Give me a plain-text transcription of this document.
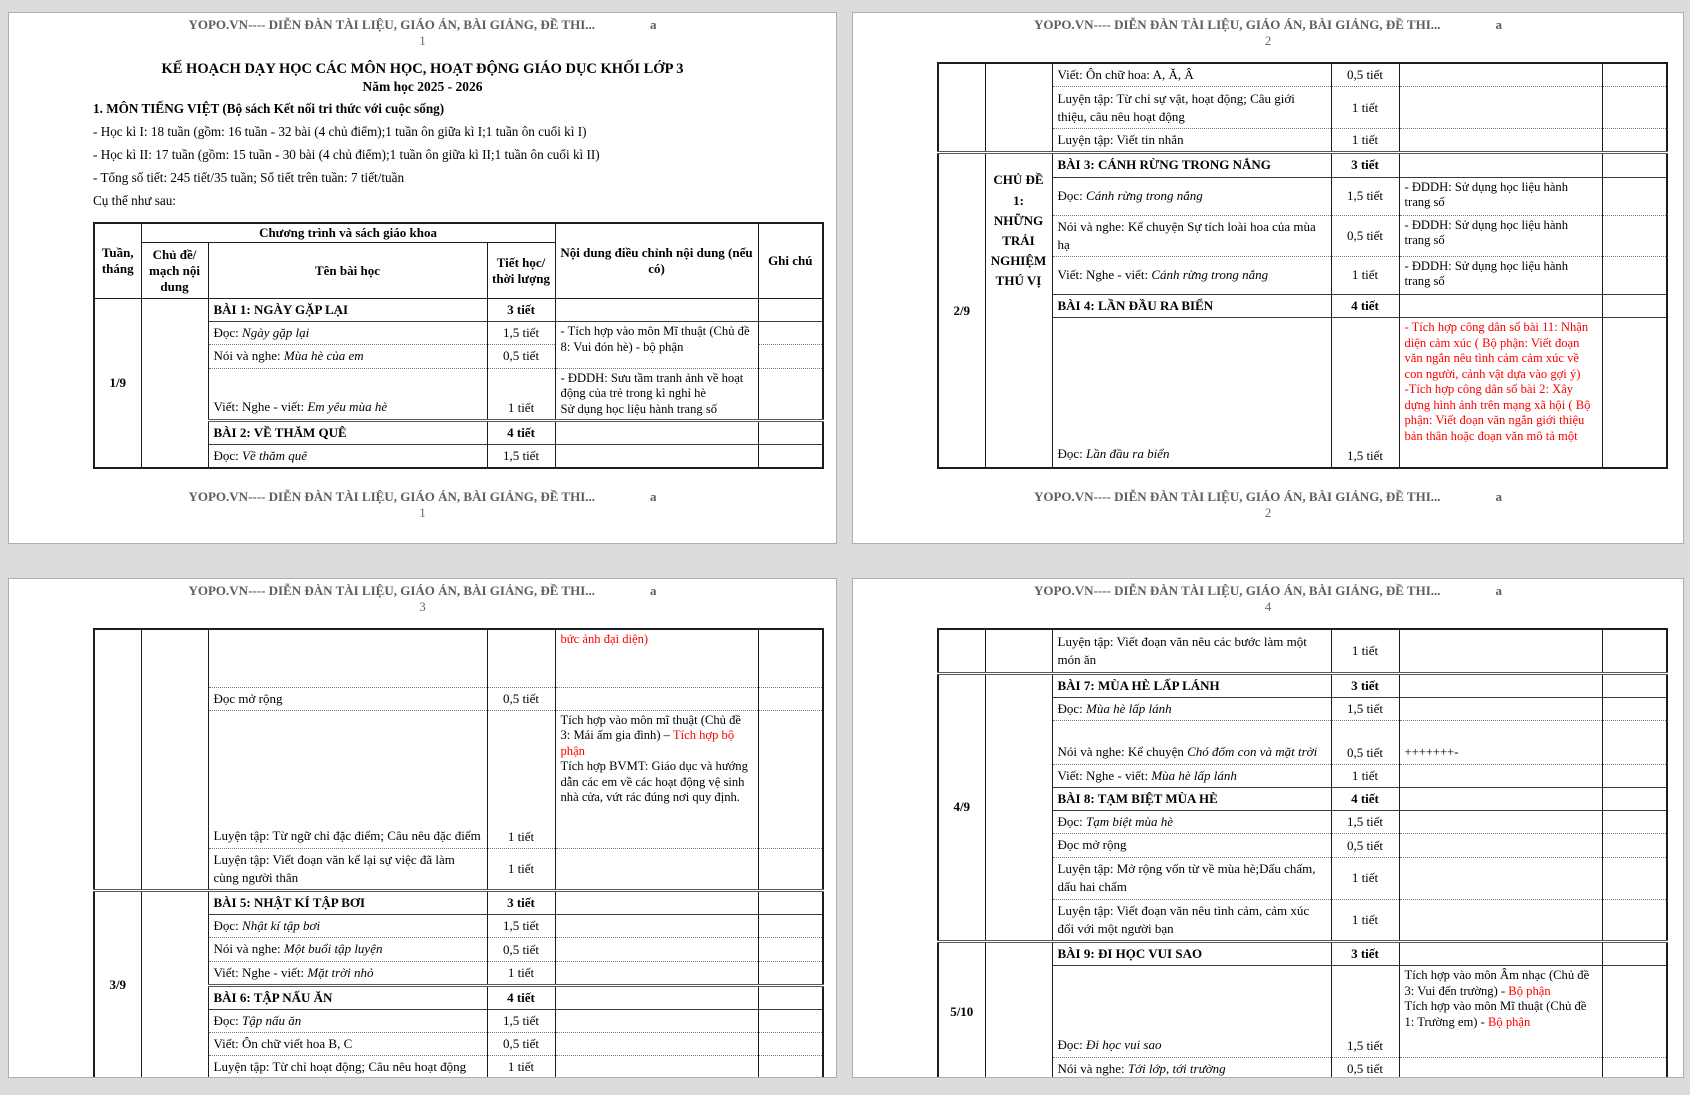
YOPO.VN---- DIỄN ĐÀN TÀI LIỆU, GIÁO ÁN, BÀI GIẢNG, ĐỀ THI...	a
1
KẾ HOẠCH DẠY HỌC CÁC MÔN HỌC, HOẠT ĐỘNG GIÁO DỤC KHỐI LỚP 3
Năm học 2025 - 2026
1. MÔN TIẾNG VIỆT (Bộ sách Kết nối tri thức với cuộc sống)
- Học kì I: 18 tuần (gồm: 16 tuần - 32 bài (4 chủ điểm);1 tuần ôn giữa kì I;1 tuần ôn cuối kì I)
- Học kì II: 17 tuần (gồm: 15 tuần - 30 bài (4 chủ điểm);1 tuần ôn giữa kì II;1 tuần ôn cuối kì II)
- Tổng số tiết: 245 tiết/35 tuần; Số tiết trên tuần: 7 tiết/tuần
Cụ thể như sau:
Tuần, tháng	Chương trình và sách giáo khoa			Nội dung điều chỉnh nội dung (nếu có)	Ghi chú
	Chủ đề/ mạch nội dung	Tên bài học	Tiết học/ thời lượng		
1/9		BÀI 1: NGÀY GẶP LẠI	3 tiết		
		Đọc: Ngày gặp lại	1,5 tiết	- Tích hợp vào môn Mĩ thuật (Chủ đề 8: Vui đón hè) - bộ phận	

		Nói và nghe: Mùa hè của em	0,5 tiết		
		Viết: Nghe - viết: Em yêu mùa hè	1 tiết	- ĐDDH: Sưu tầm tranh ảnh về hoạt động của trẻ trong kì nghỉ hè
Sử dụng học liệu hành trang số	

		BÀI 2: VỀ THĂM QUÊ	4 tiết		
		Đọc: Về thăm quê	1,5 tiết		
YOPO.VN---- DIỄN ĐÀN TÀI LIỆU, GIÁO ÁN, BÀI GIẢNG, ĐỀ THI...	a
1
YOPO.VN---- DIỄN ĐÀN TÀI LIỆU, GIÁO ÁN, BÀI GIẢNG, ĐỀ THI...	a
2
		Viết: Ôn chữ hoa: A, Ă, Â	0,5 tiết		
		Luyện tập: Từ chỉ sự vật, hoạt động; Câu giới thiệu, câu nêu hoạt động	1 tiết		
		Luyện tập: Viết tin nhắn	1 tiết		
2/9	CHỦ ĐỀ 1: NHỮNG TRẢI NGHIỆM THÚ VỊ	BÀI 3: CÁNH RỪNG TRONG NẮNG	3 tiết		
		Đọc: Cánh rừng trong nắng	1,5 tiết	- ĐDDH: Sử dụng học liệu hành trang số	

		Nói và nghe: Kể chuyện Sự tích loài hoa của mùa hạ	0,5 tiết	- ĐDDH: Sử dụng học liệu hành trang số	

		Viết: Nghe - viết: Cánh rừng trong nắng	1 tiết	- ĐDDH: Sử dụng học liệu hành trang số	

		BÀI 4: LẦN ĐẦU RA BIỂN	4 tiết		
		Đọc: Lần đầu ra biển	1,5 tiết	- Tích hợp công dân số bài 11: Nhận diện cảm xúc ( Bộ phận: Viết đoạn văn ngắn nêu tình cảm cảm xúc về con người, cảnh vật dựa vào gợi ý)
-Tích hợp công dân số bài 2: Xây dựng hình ảnh trên mạng xã hội ( Bộ phận: Viết đoạn văn ngắn giới thiệu bản thân hoặc đoạn văn mô tả một	

YOPO.VN---- DIỄN ĐÀN TÀI LIỆU, GIÁO ÁN, BÀI GIẢNG, ĐỀ THI...	a
2
YOPO.VN---- DIỄN ĐÀN TÀI LIỆU, GIÁO ÁN, BÀI GIẢNG, ĐỀ THI...	a
3

				bức ảnh đại diện)	

		Đọc mở rộng	0,5 tiết		
		Luyện tập: Từ ngữ chỉ đặc điểm; Câu nêu đặc điểm	1 tiết	Tích hợp vào môn mĩ thuật (Chủ đề 3: Mái ấm gia đình) – Tích hợp bộ phận
Tích hợp BVMT: Giáo dục và hướng dẫn các em về các hoạt động vệ sinh nhà cửa, vứt rác đúng nơi quy định.	

		Luyện tập: Viết đoạn văn kể lại sự việc đã làm cùng người thân	1 tiết		
3/9		BÀI 5: NHẬT KÍ TẬP BƠI	3 tiết		
		Đọc: Nhật kí tập bơi	1,5 tiết		
		Nói và nghe: Một buổi tập luyện	0,5 tiết		
		Viết: Nghe - viết: Mặt trời nhỏ	1 tiết		
		BÀI 6: TẬP NẤU ĂN	4 tiết		
		Đọc: Tập nấu ăn	1,5 tiết		
		Viết: Ôn chữ viết hoa B, C	0,5 tiết		
		Luyện tập: Từ chỉ hoạt động; Câu nêu hoạt động	1 tiết		
YOPO.VN---- DIỄN ĐÀN TÀI LIỆU, GIÁO ÁN, BÀI GIẢNG, ĐỀ THI...	a
4
		Luyện tập: Viết đoạn văn nêu các bước làm một món ăn	1 tiết		
4/9		BÀI 7: MÙA HÈ LẤP LÁNH	3 tiết		
		Đọc: Mùa hè lấp lánh	1,5 tiết		
		Nói và nghe: Kể chuyện Chó đốm con và mặt trời	0,5 tiết	+++++++-	

		Viết: Nghe - viết: Mùa hè lấp lánh	1 tiết		
		BÀI 8: TẠM BIỆT MÙA HÈ	4 tiết		
		Đọc: Tạm biệt mùa hè	1,5 tiết		
		Đọc mở rộng	0,5 tiết		
		Luyện tập: Mở rộng vốn từ về mùa hè;Dấu chấm, dấu hai chấm	1 tiết		
		Luyện tập: Viết đoạn văn nêu tình cảm, cảm xúc đối với một người bạn	1 tiết		
5/10		BÀI 9: ĐI HỌC VUI SAO	3 tiết		
		Đọc: Đi học vui sao	1,5 tiết	Tích hợp vào môn Âm nhạc (Chủ đề 3: Vui đến trường) - Bộ phận
Tích hợp vào môn Mĩ thuật (Chủ đề 1: Trường em) - Bộ phận	

		Nói và nghe: Tới lớp, tới trường	0,5 tiết		
